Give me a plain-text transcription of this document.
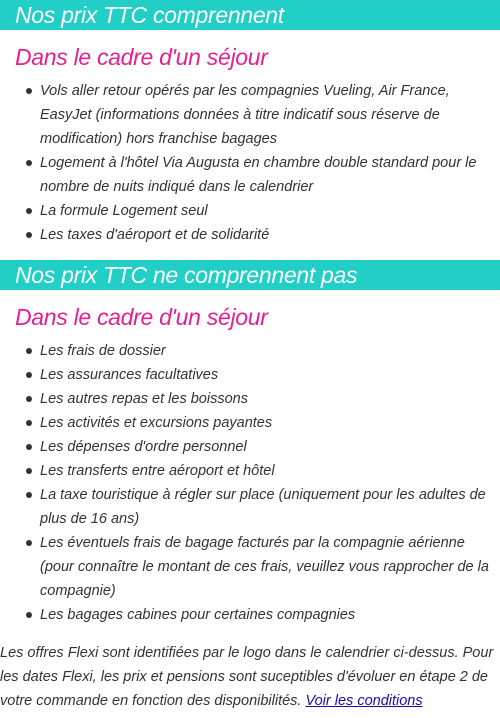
Nos prix TTC comprennent
Dans le cadre d'un séjour
Vols aller retour opérés par les compagnies Vueling, Air France, EasyJet (informations données à titre indicatif sous réserve de modification) hors franchise bagages
Logement à l'hôtel Via Augusta en chambre double standard pour le nombre de nuits indiqué dans le calendrier
La formule Logement seul
Les taxes d'aéroport et de solidarité
Nos prix TTC ne comprennent pas
Dans le cadre d'un séjour
Les frais de dossier
Les assurances facultatives
Les autres repas et les boissons
Les activités et excursions payantes
Les dépenses d'ordre personnel
Les transferts entre aéroport et hôtel
La taxe touristique à régler sur place (uniquement pour les adultes de plus de 16 ans)
Les éventuels frais de bagage facturés par la compagnie aérienne (pour connaître le montant de ces frais, veuillez vous rapprocher de la compagnie)
Les bagages cabines pour certaines compagnies

Les offres Flexi sont identifiées par le logo dans le calendrier ci-dessus. Pour les dates Flexi, les prix et pensions sont suceptibles d'évoluer en étape 2 de votre commande en fonction des disponibilités. Voir les conditions
